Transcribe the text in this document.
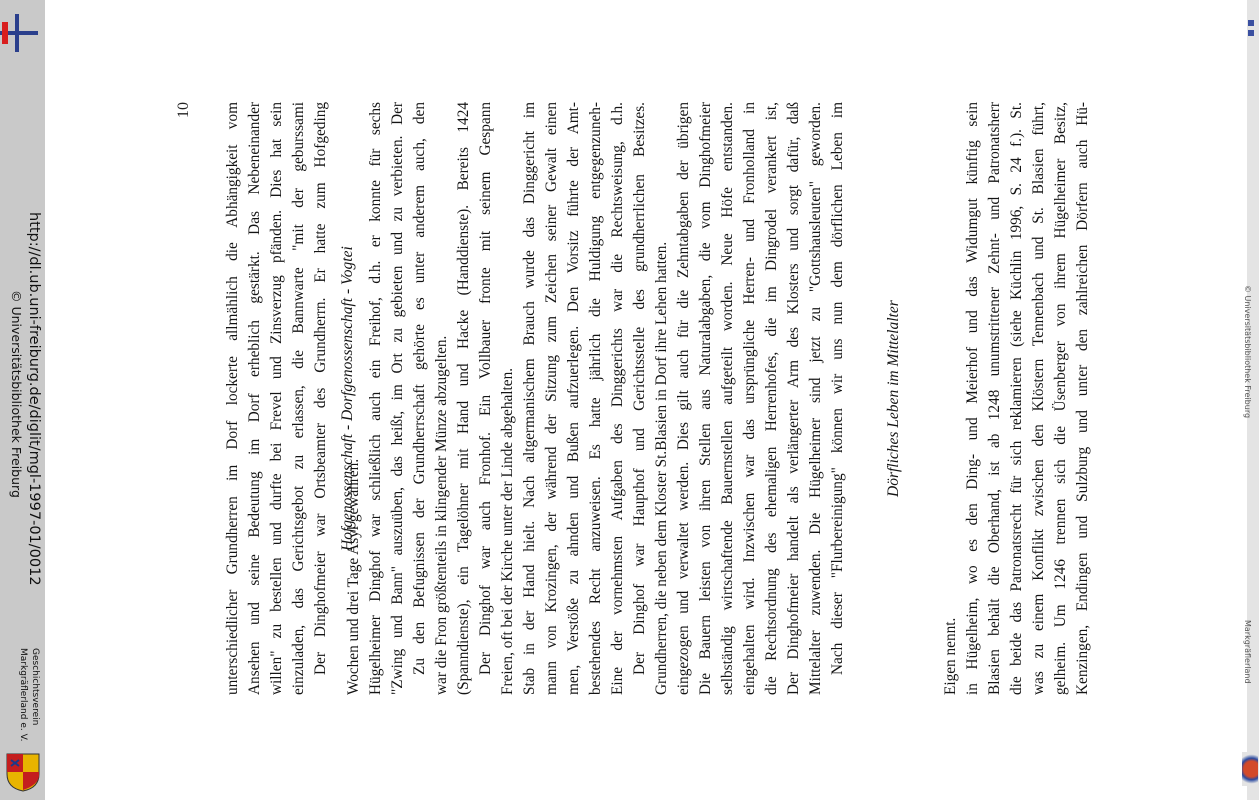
http://dl.ub.uni-freiburg.de/diglit/mgl-1997-01/0012
© Universitätsbibliothek Freiburg
Geschichtsverein
Markgräflerland e. V.	Markgräflerland
© Universitätsbibliothek Freiburg
Kenzingen, Endingen und Sulzburg und unter den zahlreichen Dörfern auch Hü-
gelheim. Um 1246 trennen sich die Üsenberger von ihrem Hügelheimer Besitz,
was zu einem Konflikt zwischen den Klöstern Tennenbach und St. Blasien führt,
die beide das Patronatsrecht für sich reklamieren (siehe Küchlin 1996, S. 24 f.). St.
Blasien behält die Oberhand, ist ab 1248 unumstrittener Zehnt- und Patronatsherr
in Hügelheim, wo es den Ding- und Meierhof und das Widumgut künftig sein
Eigen nennt.
Dörfliches Leben im Mittelalter
Nach dieser "Flurbereinigung" können wir uns nun dem dörflichen Leben im
Mittelalter zuwenden. Die Hügelheimer sind jetzt zu "Gottshausleuten" geworden.
Der Dinghofmeier handelt als verlängerter Arm des Klosters und sorgt dafür, daß
die Rechtsordnung des ehemaligen Herrenhofes, die im Dingrodel verankert ist,
eingehalten wird. Inzwischen war das ursprüngliche Herren- und Fronholland in
selbständig wirtschaftende Bauernstellen aufgeteilt worden. Neue Höfe entstanden.
Die Bauern leisten von ihren Stellen aus Naturalabgaben, die vom Dinghofmeier
eingezogen und verwaltet werden. Dies gilt auch für die Zehntabgaben der übrigen
Grundherren, die neben dem Kloster St.Blasien in Dorf ihre Lehen hatten.
Der Dinghof war Haupthof und Gerichtsstelle des grundherrlichen Besitzes.
Eine der vornehmsten Aufgaben des Dinggerichts war die Rechtsweisung, d.h.
bestehendes Recht anzuweisen. Es hatte jährlich die Huldigung entgegenzuneh-
men, Verstöße zu ahnden und Bußen aufzuerlegen. Den Vorsitz führte der Amt-
mann von Krozingen, der während der Sitzung zum Zeichen seiner Gewalt einen
Stab in der Hand hielt. Nach altgermanischem Brauch wurde das Dinggericht im
Freien, oft bei der Kirche unter der Linde abgehalten.
Der Dinghof war auch Fronhof. Ein Vollbauer fronte mit seinem Gespann
(Spanndienste), ein Tagelöhner mit Hand und Hacke (Handdienste). Bereits 1424
war die Fron größtenteils in klingender Münze abzugelten.
Zu den Befugnissen der Grundherrschaft gehörte es unter anderem auch, den
"Zwing und Bann" auszuüben, das heißt, im Ort zu gebieten und zu verbieten. Der
Hügelheimer Dinghof war schließlich auch ein Freihof, d.h. er konnte für sechs
Wochen und drei Tage Asyl gewähren.
Hofgenossenschaft - Dorfgenossenschaft - Vogtei
Der Dinghofmeier war Ortsbeamter des Grundherrn. Er hatte zum Hofgeding
einzuladen, das Gerichtsgebot zu erlassen, die Bannwarte "mit der geburssami
willen" zu bestellen und durfte bei Frevel und Zinsverzug pfänden. Dies hat sein
Ansehen und seine Bedeutung im Dorf erheblich gestärkt. Das Nebeneinander
unterschiedlicher Grundherren im Dorf lockerte allmählich die Abhängigkeit vom
10
